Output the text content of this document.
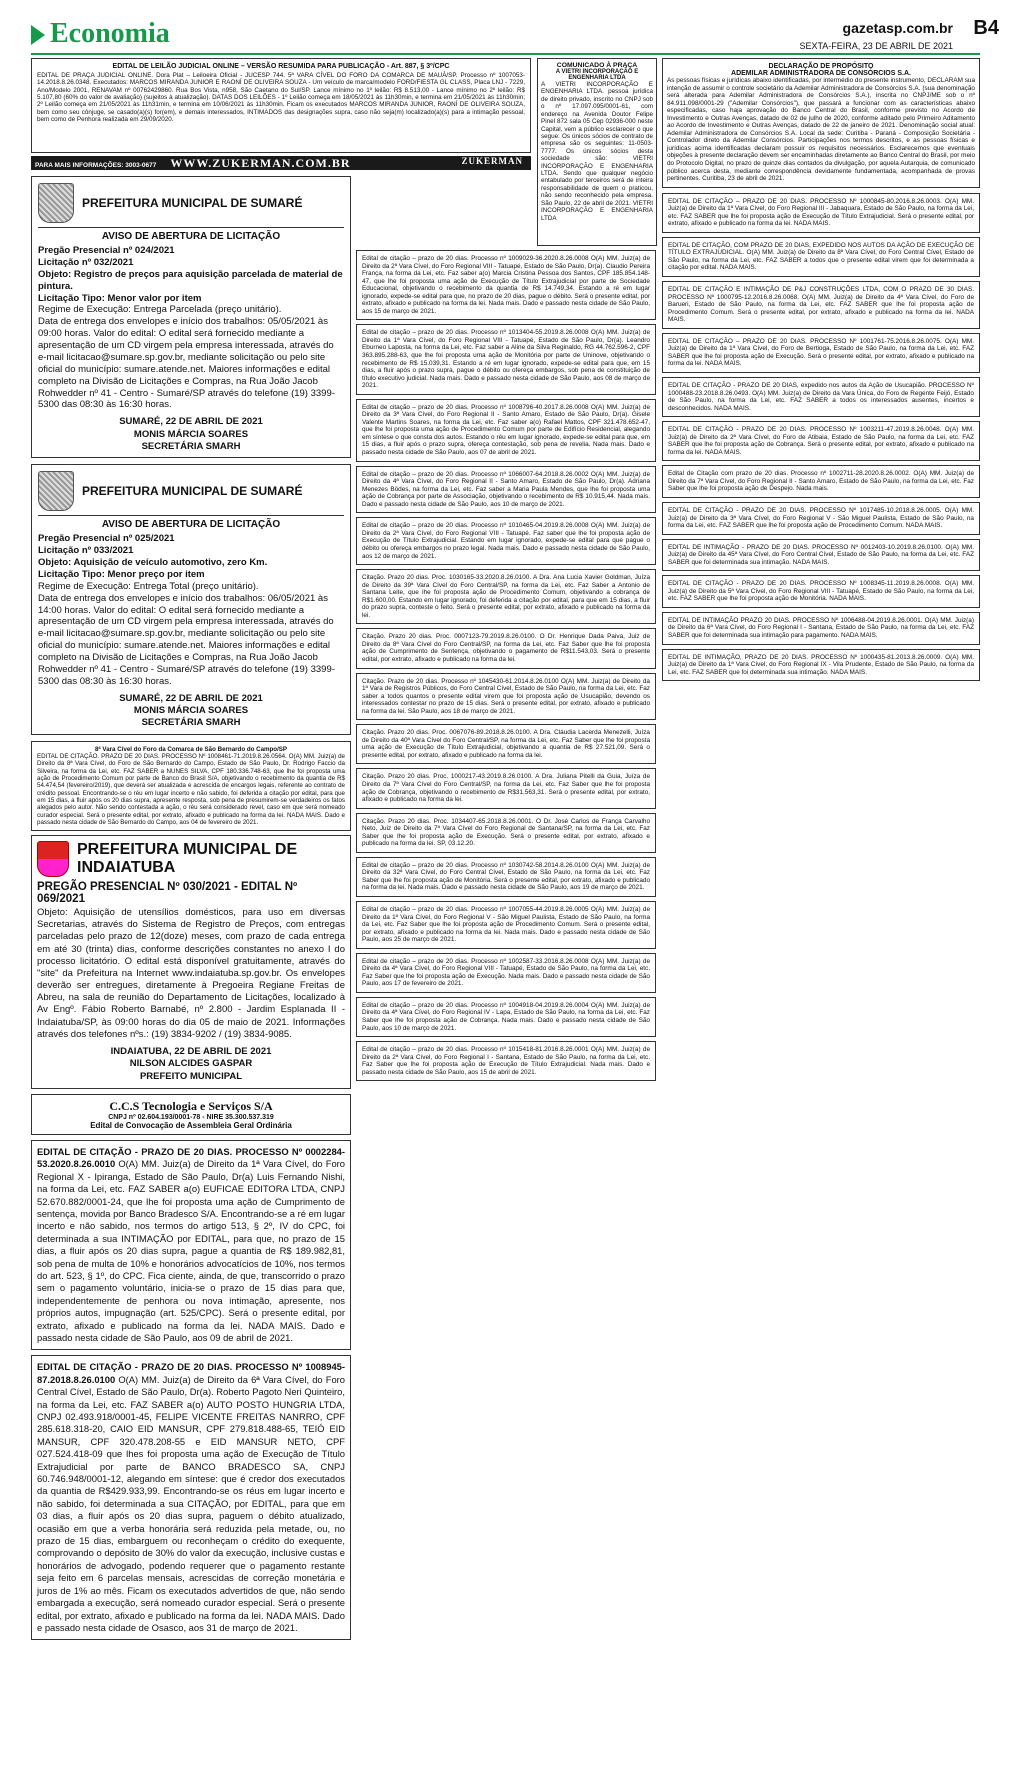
Economia	gazetasp.com.br B4
SEXTA-FEIRA, 23 DE ABRIL DE 2021
EDITAL DE LEILÃO JUDICIAL ONLINE – VERSÃO RESUMIDA PARA PUBLICAÇÃO - Art. 887, § 3º/CPC
EDITAL DE PRAÇA JUDICIAL ONLINE. Dora Plat – Leiloeira Oficial - JUCESP 744. 5ª VARA CÍVEL DO FORO DA COMARCA DE MAUÁ/SP. Processo nº 1007053-14.2018.8.26.0348. Executados: MARCOS MIRANDA JUNIOR E RAONÍ DE OLIVEIRA SOUZA - Um veículo de marca/modelo FORD/FIESTA GL CLASS, Placa LNJ - 7229, Ano/Modelo 2001, RENAVAM nº 00762429860. Rua Bos Vista, n958, São Caetano do Sul/SP. Lance mínimo no 1º leilão: R$ 8.513,00 - Lance mínimo no 2º leilão: R$ 5.107,80 (60% do valor de avaliação) (sujeitos à atualização). DATAS DOS LEILÕES - 1º Leilão começa em 18/05/2021 às 11h30min, e termina em 21/05/2021 às 11h30min; 2º Leilão começa em 21/05/2021 às 11h31min, e termina em 10/06/2021 às 11h30min. Ficam os executados MARCOS MIRANDA JUNIOR, RAONÍ DE OLIVEIRA SOUZA, bem como seu cônjuge, se casado(a)(s) for(em), e demais interessados, INTIMADOS das designações supra, caso não seja(m) localizado(a)(s) para a intimação pessoal, bem como de Penhora realizada em 29/09/2020.
PARA MAIS INFORMAÇÕES: 3003-0677 WWW.ZUKERMAN.COM.BR	ZUKERMAN
COMUNICADO À PRAÇA
A VIETRI INCORPORAÇÃO E ENGENHARIA LTDA
A VIETRI INCORPORAÇÃO E ENGENHARIA LTDA. pessoa jurídica de direito privado, inscrito no CNPJ sob o nº 17.097.095/0001-61, com endereço na Avenida Doutor Felipe Pinel 872 sala 05 Cep 02936-000 neste Capital, vem a público esclarecer o que segue: Os únicos sócios de contrato de empresa são os seguintes: 11-0503-7777. Os únicos sócios desta sociedade são: VIETRI INCORPORAÇÃO E ENGENHARIA LTDA. Sendo que qualquer negócio entabulado por terceiros será de inteira responsabilidade de quem o praticou, não sendo reconhecido pela empresa. São Paulo, 22 de abril de 2021. VIETRI INCORPORAÇÃO E ENGENHARIA LTDA
PREFEITURA MUNICIPAL DE SUMARÉ
AVISO DE ABERTURA DE LICITAÇÃO
Pregão Presencial nº 024/2021
Licitação nº 032/2021
Objeto: Registro de preços para aquisição parcelada de material de pintura.
Licitação Tipo: Menor valor por item
Regime de Execução: Entrega Parcelada (preço unitário).
Data de entrega dos envelopes e início dos trabalhos: 05/05/2021 às 09:00 horas. Valor do edital: O edital será fornecido mediante a apresentação de um CD virgem pela empresa interessada, através do e-mail licitacao@sumare.sp.gov.br, mediante solicitação ou pelo site oficial do município: sumare.atende.net. Maiores informações e edital completo na Divisão de Licitações e Compras, na Rua João Jacob Rohwedder nº 41 - Centro - Sumaré/SP através do telefone (19) 3399-5300 das 08:30 às 16:30 horas.
SUMARÉ, 22 DE ABRIL DE 2021
MONIS MÁRCIA SOARES
SECRETÁRIA SMARH
PREFEITURA MUNICIPAL DE SUMARÉ
AVISO DE ABERTURA DE LICITAÇÃO
Pregão Presencial nº 025/2021
Licitação nº 033/2021
Objeto: Aquisição de veículo automotivo, zero Km.
Licitação Tipo: Menor preço por item
Regime de Execução: Entrega Total (preço unitário).
Data de entrega dos envelopes e início dos trabalhos: 06/05/2021 às 14:00 horas. Valor do edital: O edital será fornecido mediante a apresentação de um CD virgem pela empresa interessada, através do e-mail licitacao@sumare.sp.gov.br, mediante solicitação ou pelo site oficial do município: sumare.atende.net. Maiores informações e edital completo na Divisão de Licitações e Compras, na Rua João Jacob Rohwedder nº 41 - Centro - Sumaré/SP através do telefone (19) 3399-5300 das 08:30 às 16:30 horas.
SUMARÉ, 22 DE ABRIL DE 2021
MONIS MÁRCIA SOARES
SECRETÁRIA SMARH
8ª Vara Cível do Foro da Comarca de São Bernardo do Campo/SP
EDITAL DE CITAÇÃO. PRAZO DE 20 DIAS. PROCESSO Nº 1008461-71.2019.8.26.0564. O(A) MM. Juiz(a) de Direito da 8ª Vara Cível, do Foro de São Bernardo do Campo, Estado de São Paulo, Dr. Rodrigo Faccio da Silveira, na forma da Lei, etc. FAZ SABER a NUNES SILVA, CPF 180.336.748-63, que lhe foi proposta uma ação de Procedimento Comum por parte de Banco do Brasil S/A, objetivando o recebimento da quantia de R$ 54.474,54 (fevereiro/2019), que deverá ser atualizada e acrescida de encargos legais, referente ao contrato de crédito pessoal. Encontrando-se o réu em lugar incerto e não sabido, foi deferida a citação por edital, para que em 15 dias, a fluir após os 20 dias supra, apresente resposta, sob pena de presumirem-se verdadeiros os fatos alegados pelo autor. Não sendo contestada a ação, o réu será considerado revel, caso em que será nomeado curador especial. Será o presente edital, por extrato, afixado e publicado na forma da lei. NADA MAIS. Dado e passado nesta cidade de São Bernardo do Campo, aos 04 de fevereiro de 2021.
PREFEITURA MUNICIPAL DE INDAIATUBA
PREGÃO PRESENCIAL Nº 030/2021 - EDITAL Nº 069/2021
Objeto: Aquisição de utensílios domésticos, para uso em diversas Secretarias, através do Sistema de Registro de Preços, com entregas parceladas pelo prazo de 12(doze) meses, com prazo de cada entrega em até 30 (trinta) dias, conforme descrições constantes no anexo I do processo licitatório. O edital está disponível gratuitamente, através do "site" da Prefeitura na Internet www.indaiatuba.sp.gov.br. Os envelopes deverão ser entregues, diretamente à Pregoeira Regiane Freitas de Abreu, na sala de reunião do Departamento de Licitações, localizado à Av Engº. Fábio Roberto Barnabé, nº 2.800 - Jardim Esplanada II - Indaiatuba/SP, às 09:00 horas do dia 05 de maio de 2021. Informações através dos telefones nºs.: (19) 3834-9202 / (19) 3834-9085.
INDAIATUBA, 22 DE ABRIL DE 2021
NILSON ALCIDES GASPAR
PREFEITO MUNICIPAL
C.C.S Tecnologia e Serviços S/A
CNPJ nº 02.604.193/0001-78 - NIRE 35.300.537.319
Edital de Convocação de Assembleia Geral Ordinária
EDITAL DE CITAÇÃO - PRAZO DE 20 DIAS. PROCESSO Nº 0002284-53.2020.8.26.0010 O(A) MM. Juiz(a) de Direito da 1ª Vara Cível, do Foro Regional X - Ipiranga, Estado de São Paulo, Dr(a) Luis Fernando Nishi, na forma da Lei, etc. FAZ SABER a(o) EUFICAE EDITORA LTDA, CNPJ 52.670.882/0001-24, que lhe foi proposta uma ação de Cumprimento de sentença, movida por Banco Bradesco S/A. Encontrando-se a ré em lugar incerto e não sabido, nos termos do artigo 513, § 2º, IV do CPC, foi determinada a sua INTIMAÇÃO por EDITAL, para que, no prazo de 15 dias, a fluir após os 20 dias supra, pague a quantia de R$ 189.982,81, sob pena de multa de 10% e honorários advocatícios de 10%, nos termos do art. 523, § 1º, do CPC. Fica ciente, ainda, de que, transcorrido o prazo sem o pagamento voluntário, inicia-se o prazo de 15 dias para que, independentemente de penhora ou nova intimação, apresente, nos próprios autos, impugnação (art. 525/CPC). Será o presente edital, por extrato, afixado e publicado na forma da lei. NADA MAIS. Dado e passado nesta cidade de São Paulo, aos 09 de abril de 2021.
EDITAL DE CITAÇÃO - PRAZO DE 20 DIAS. PROCESSO Nº 1008945-87.2018.8.26.0100 O(A) MM. Juiz(a) de Direito da 6ª Vara Cível, do Foro Central Cível, Estado de São Paulo, Dr(a). Roberto Pagoto Neri Quinteiro, na forma da Lei, etc. FAZ SABER a(o) AUTO POSTO HUNGRIA LTDA, CNPJ 02.493.918/0001-45, FELIPE VICENTE FREITAS NANRRO, CPF 285.618.318-20, CAIO EID MANSUR, CPF 279.818.488-65, TEIÓ EID MANSUR, CPF 320.478.208-55 e EID MANSUR NETO, CPF 027.524.418-09 que lhes foi proposta uma ação de Execução de Título Extrajudicial por parte de BANCO BRADESCO SA, CNPJ 60.746.948/0001-12, alegando em síntese: que é credor dos executados da quantia de R$429.933,99. Encontrando-se os réus em lugar incerto e não sabido, foi determinada a sua CITAÇÃO, por EDITAL, para que em 03 dias, a fluir após os 20 dias supra, paguem o débito atualizado, ocasião em que a verba honorária será reduzida pela metade, ou, no prazo de 15 dias, embarguem ou reconheçam o crédito do exequente, comprovando o depósito de 30% do valor da execução, inclusive custas e honorários de advogado, podendo requerer que o pagamento restante seja feito em 6 parcelas mensais, acrescidas de correção monetária e juros de 1% ao mês. Ficam os executados advertidos de que, não sendo embargada a execução, será nomeado curador especial. Será o presente edital, por extrato, afixado e publicado na forma da lei. NADA MAIS. Dado e passado nesta cidade de Osasco, aos 31 de março de 2021.
Edital de citação – prazo de 20 dias. Processo nº 1009029-36.2020.8.26.0008 O(A) MM. Juiz(a) de Direito da 2ª Vara Cível, do Foro Regional VIII - Tatuapé, Estado de São Paulo, Dr(a). Claudio Pereira França, na forma da Lei, etc. Faz saber a(o) Marcia Cristina Pessoa dos Santos, CPF 185.854.148-47, que lhe foi proposta uma ação de Execução de Título Extrajudicial por parte de Sociedade Educacional, objetivando o recebimento da quantia de R$ 14.749,34. Estando a ré em lugar ignorado, expede-se edital para que, no prazo de 20 dias, pague o débito. Será o presente edital, por extrato, afixado e publicado na forma da lei. Nada mais. Dado e passado nesta cidade de São Paulo, aos 15 de março de 2021.
Edital de citação – prazo de 20 dias. Processo nº 1013404-55.2019.8.26.0008 O(A) MM. Juiz(a) de Direito da 1ª Vara Cível, do Foro Regional VIII - Tatuapé, Estado de São Paulo, Dr(a). Leandro Eburneo Laposta, na forma da Lei, etc. Faz saber a Aline da Silva Reginaldo, RG 44.762.596-2, CPF 363.895.288-63, que lhe foi proposta uma ação de Monitória por parte de Uninove, objetivando o recebimento de R$ 15.039,31. Estando a ré em lugar ignorado, expede-se edital para que, em 15 dias, a fluir após o prazo supra, pague o débito ou ofereça embargos, sob pena de constituição de título executivo judicial. Nada mais. Dado e passado nesta cidade de São Paulo, aos 08 de março de 2021.
Edital de citação – prazo de 20 dias. Processo nº 1008796-40.2017.8.26.0008 O(A) MM. Juiz(a) de Direito da 3ª Vara Cível, do Foro Regional II - Santo Amaro, Estado de São Paulo, Dr(a). Gisele Valente Martins Soares, na forma da Lei, etc. Faz saber a(o) Rafael Mattos, CPF 321.478.652-47, que lhe foi proposta uma ação de Procedimento Comum por parte de Edifício Residencial, alegando em síntese o que consta dos autos. Estando o réu em lugar ignorado, expede-se edital para que, em 15 dias, a fluir após o prazo supra, ofereça contestação, sob pena de revelia. Nada mais. Dado e passado nesta cidade de São Paulo, aos 07 de abril de 2021.
Edital de citação – prazo de 20 dias. Processo nº 1066007-64.2018.8.26.0002 O(A) MM. Juiz(a) de Direito da 4ª Vara Cível, do Foro Regional II - Santo Amaro, Estado de São Paulo, Dr(a). Adriana Menezes Bödes, na forma da Lei, etc. Faz saber a Maria Paula Mendes, que lhe foi proposta uma ação de Cobrança por parte de Associação, objetivando o recebimento de R$ 10.915,44. Nada mais. Dado e passado nesta cidade de São Paulo, aos 10 de março de 2021.
Edital de citação – prazo de 20 dias. Processo nº 1010465-04.2019.8.26.0008 O(A) MM. Juiz(a) de Direito da 2ª Vara Cível, do Foro Regional VIII - Tatuapé. Faz saber que lhe foi proposta ação de Execução de Título Extrajudicial. Estando em lugar ignorado, expede-se edital para que pague o débito ou ofereça embargos no prazo legal. Nada mais. Dado e passado nesta cidade de São Paulo, aos 12 de março de 2021.
Citação. Prazo 20 dias. Proc. 1030165-33.2020.8.26.0100. A Dra. Ana Lucia Xavier Goldman, Juíza de Direito da 39ª Vara Cível do Foro Central/SP, na forma da Lei, etc. Faz Saber a Antonio de Santana Leite, que lhe foi proposta ação de Procedimento Comum, objetivando a cobrança de R$1.600,00. Estando em lugar ignorado, foi deferida a citação por edital, para que em 15 dias, a fluir do prazo supra, conteste o feito. Será o presente edital, por extrato, afixado e publicado na forma da lei.
Citação. Prazo 20 dias. Proc. 0007123-79.2019.8.26.0100. O Dr. Henrique Dada Paiva, Juiz de Direito da 8ª Vara Cível do Foro Central/SP, na forma da Lei, etc. Faz Saber que lhe foi proposta ação de Cumprimento de Sentença, objetivando o pagamento de R$11.543,03. Será o presente edital, por extrato, afixado e publicado na forma da lei.
Citação. Prazo de 20 dias. Processo nº 1045430-61.2014.8.26.0100 O(A) MM. Juiz(a) de Direito da 1ª Vara de Registros Públicos, do Foro Central Cível, Estado de São Paulo, na forma da Lei, etc. Faz saber a todos quantos o presente edital virem que foi proposta ação de Usucapião, devendo os interessados contestar no prazo de 15 dias. Será o presente edital, por extrato, afixado e publicado na forma da lei. São Paulo, aos 18 de março de 2021.
Citação. Prazo 20 dias. Proc. 0067076-89.2018.8.26.0100. A Dra. Cláudia Lacerda Menezelli, Juíza de Direito da 40ª Vara Cível do Foro Central/SP, na forma da Lei, etc. Faz Saber que lhe foi proposta uma ação de Execução de Título Extrajudicial, objetivando a quantia de R$ 27.521,09. Será o presente edital, por extrato, afixado e publicado na forma da lei.
Citação. Prazo 20 dias. Proc. 1000217-43.2019.8.26.0100. A Dra. Juliana Pitelli da Guia, Juíza de Direito da 7ª Vara Cível do Foro Central/SP, na forma da Lei, etc. Faz Saber que lhe foi proposta ação de Cobrança, objetivando o recebimento de R$31.563,31. Será o presente edital, por extrato, afixado e publicado na forma da lei.
Citação. Prazo 20 dias. Proc. 1034407-65.2018.8.26.0001. O Dr. José Carlos de França Carvalho Neto, Juiz de Direito da 7ª Vara Cível do Foro Regional de Santana/SP, na forma da Lei, etc. Faz Saber que lhe foi proposta ação de Execução. Será o presente edital, por extrato, afixado e publicado na forma da lei. SP, 03.12.20.
Edital de citação – prazo de 20 dias. Processo nº 1030742-58.2014.8.26.0100 O(A) MM. Juiz(a) de Direito da 32ª Vara Cível, do Foro Central Cível, Estado de São Paulo, na forma da Lei, etc. Faz Saber que lhe foi proposta ação de Monitória. Será o presente edital, por extrato, afixado e publicado na forma da lei. Nada mais. Dado e passado nesta cidade de São Paulo, aos 19 de março de 2021.
Edital de citação – prazo de 20 dias. Processo nº 1007055-44.2019.8.26.0005 O(A) MM. Juiz(a) de Direito da 1ª Vara Cível, do Foro Regional V - São Miguel Paulista, Estado de São Paulo, na forma da Lei, etc. Faz Saber que lhe foi proposta ação de Procedimento Comum. Será o presente edital, por extrato, afixado e publicado na forma da lei. Nada mais. Dado e passado nesta cidade de São Paulo, aos 25 de março de 2021.
Edital de citação – prazo de 20 dias. Processo nº 1002587-33.2016.8.26.0008 O(A) MM. Juiz(a) de Direito da 4ª Vara Cível, do Foro Regional VIII - Tatuapé, Estado de São Paulo, na forma da Lei, etc. Faz Saber que lhe foi proposta ação de Execução. Nada mais. Dado e passado nesta cidade de São Paulo, aos 17 de fevereiro de 2021.
Edital de citação – prazo de 20 dias. Processo nº 1004918-04.2019.8.26.0004 O(A) MM. Juiz(a) de Direito da 4ª Vara Cível, do Foro Regional IV - Lapa, Estado de São Paulo, na forma da Lei, etc. Faz Saber que lhe foi proposta ação de Cobrança. Nada mais. Dado e passado nesta cidade de São Paulo, aos 10 de março de 2021.
Edital de citação – prazo de 20 dias. Processo nº 1015418-81.2016.8.26.0001 O(A) MM. Juiz(a) de Direito da 2ª Vara Cível, do Foro Regional I - Santana, Estado de São Paulo, na forma da Lei, etc. Faz Saber que lhe foi proposta ação de Execução de Título Extrajudicial. Nada mais. Dado e passado nesta cidade de São Paulo, aos 15 de abril de 2021.
DECLARAÇÃO DE PROPÓSITO
ADEMILAR ADMINISTRADORA DE CONSÓRCIOS S.A.
As pessoas físicas e jurídicas abaixo identificadas, por intermédio do presente instrumento, DECLARAM sua intenção de assumir o controle societário da Ademilar Administradora de Consórcios S.A. (sua denominação será alterada para Ademilar Administradora de Consórcios S.A.), inscrita no CNPJ/ME sob o nº 84.911.098/0001-29 ("Ademilar Consórcios"), que passará a funcionar com as características abaixo especificadas, caso haja aprovação do Banco Central do Brasil, conforme previsto no Acordo de Investimento e Outras Avenças, datado de 02 de julho de 2020, conforme aditado pelo Primeiro Aditamento ao Acordo de Investimento e Outras Avenças, datado de 22 de janeiro de 2021. Denominação social atual: Ademilar Administradora de Consórcios S.A. Local da sede: Curitiba - Paraná - Composição Societária - Controlador direto da Ademilar Consórcios. Participações nos termos descritos, e as pessoas físicas e jurídicas acima identificadas declaram possuir os requisitos necessários. Esclarecemos que eventuais objeções à presente declaração devem ser encaminhadas diretamente ao Banco Central do Brasil, por meio do Protocolo Digital, no prazo de quinze dias contados da divulgação, por aquela Autarquia, de comunicado público acerca desta, mediante correspondência devidamente fundamentada, acompanhada de provas pertinentes. Curitiba, 23 de abril de 2021.
EDITAL DE CITAÇÃO – PRAZO DE 20 DIAS. PROCESSO Nº 1000845-80.2016.8.26.0003. O(A) MM. Juiz(a) de Direito da 1ª Vara Cível, do Foro Regional III - Jabaquara, Estado de São Paulo, na forma da Lei, etc. FAZ SABER que lhe foi proposta ação de Execução de Título Extrajudicial. Será o presente edital, por extrato, afixado e publicado na forma da lei. NADA MAIS.
EDITAL DE CITAÇÃO, COM PRAZO DE 20 DIAS, EXPEDIDO NOS AUTOS DA AÇÃO DE EXECUÇÃO DE TÍTULO EXTRAJUDICIAL. O(A) MM. Juiz(a) de Direito da 8ª Vara Cível, do Foro Central Cível, Estado de São Paulo, na forma da Lei, etc. FAZ SABER a todos que o presente edital virem que foi determinada a citação por edital. NADA MAIS.
EDITAL DE CITAÇÃO E INTIMAÇÃO DE P&J CONSTRUÇÕES LTDA, COM O PRAZO DE 30 DIAS. PROCESSO Nº 1000795-12.2016.8.26.0068. O(A) MM. Juiz(a) de Direito da 4ª Vara Cível, do Foro de Barueri, Estado de São Paulo, na forma da Lei, etc. FAZ SABER que lhe foi proposta ação de Procedimento Comum. Será o presente edital, por extrato, afixado e publicado na forma da lei. NADA MAIS.
EDITAL DE CITAÇÃO – PRAZO DE 20 DIAS. PROCESSO Nº 1001761-75.2016.8.26.0075. O(A) MM. Juiz(a) de Direito da 1ª Vara Cível, do Foro de Bertioga, Estado de São Paulo, na forma da Lei, etc. FAZ SABER que lhe foi proposta ação de Execução. Será o presente edital, por extrato, afixado e publicado na forma da lei. NADA MAIS.
EDITAL DE CITAÇÃO - PRAZO DE 20 DIAS, expedido nos autos da Ação de Usucapião. PROCESSO Nº 1000488-23.2018.8.26.0493. O(A) MM. Juiz(a) de Direito da Vara Única, do Foro de Regente Feijó, Estado de São Paulo, na forma da Lei, etc. FAZ SABER a todos os interessados ausentes, incertos e desconhecidos. NADA MAIS.
EDITAL DE CITAÇÃO - PRAZO DE 20 DIAS. PROCESSO Nº 1003211-47.2019.8.26.0048. O(A) MM. Juiz(a) de Direito da 2ª Vara Cível, do Foro de Atibaia, Estado de São Paulo, na forma da Lei, etc. FAZ SABER que lhe foi proposta ação de Cobrança. Será o presente edital, por extrato, afixado e publicado na forma da lei. NADA MAIS.
Edital de Citação com prazo de 20 dias. Processo nº 1002711-28.2020.8.26.0002. O(A) MM. Juiz(a) de Direito da 7ª Vara Cível, do Foro Regional II - Santo Amaro, Estado de São Paulo, na forma da Lei, etc. Faz Saber que lhe foi proposta ação de Despejo. Nada mais.
EDITAL DE CITAÇÃO - PRAZO DE 20 DIAS. PROCESSO Nº 1017485-10.2018.8.26.0005. O(A) MM. Juiz(a) de Direito da 3ª Vara Cível, do Foro Regional V - São Miguel Paulista, Estado de São Paulo, na forma da Lei, etc. FAZ SABER que lhe foi proposta ação de Procedimento Comum. NADA MAIS.
EDITAL DE INTIMAÇÃO - PRAZO DE 20 DIAS. PROCESSO Nº 0012403-10.2019.8.26.0100. O(A) MM. Juiz(a) de Direito da 45ª Vara Cível, do Foro Central Cível, Estado de São Paulo, na forma da Lei, etc. FAZ SABER que foi determinada sua intimação. NADA MAIS.
EDITAL DE CITAÇÃO - PRAZO DE 20 DIAS. PROCESSO Nº 1008345-11.2019.8.26.0008. O(A) MM. Juiz(a) de Direito da 5ª Vara Cível, do Foro Regional VIII - Tatuapé, Estado de São Paulo, na forma da Lei, etc. FAZ SABER que lhe foi proposta ação de Monitória. NADA MAIS.
EDITAL DE INTIMAÇÃO PRAZO 20 DIAS. PROCESSO Nº 1006488-04.2019.8.26.0001. O(A) MM. Juiz(a) de Direito da 6ª Vara Cível, do Foro Regional I - Santana, Estado de São Paulo, na forma da Lei, etc. FAZ SABER que foi determinada sua intimação para pagamento. NADA MAIS.
EDITAL DE INTIMAÇÃO, PRAZO DE 20 DIAS. PROCESSO Nº 1000435-81.2013.8.26.0009. O(A) MM. Juiz(a) de Direito da 1ª Vara Cível, do Foro Regional IX - Vila Prudente, Estado de São Paulo, na forma da Lei, etc. FAZ SABER que foi determinada sua intimação. NADA MAIS.
